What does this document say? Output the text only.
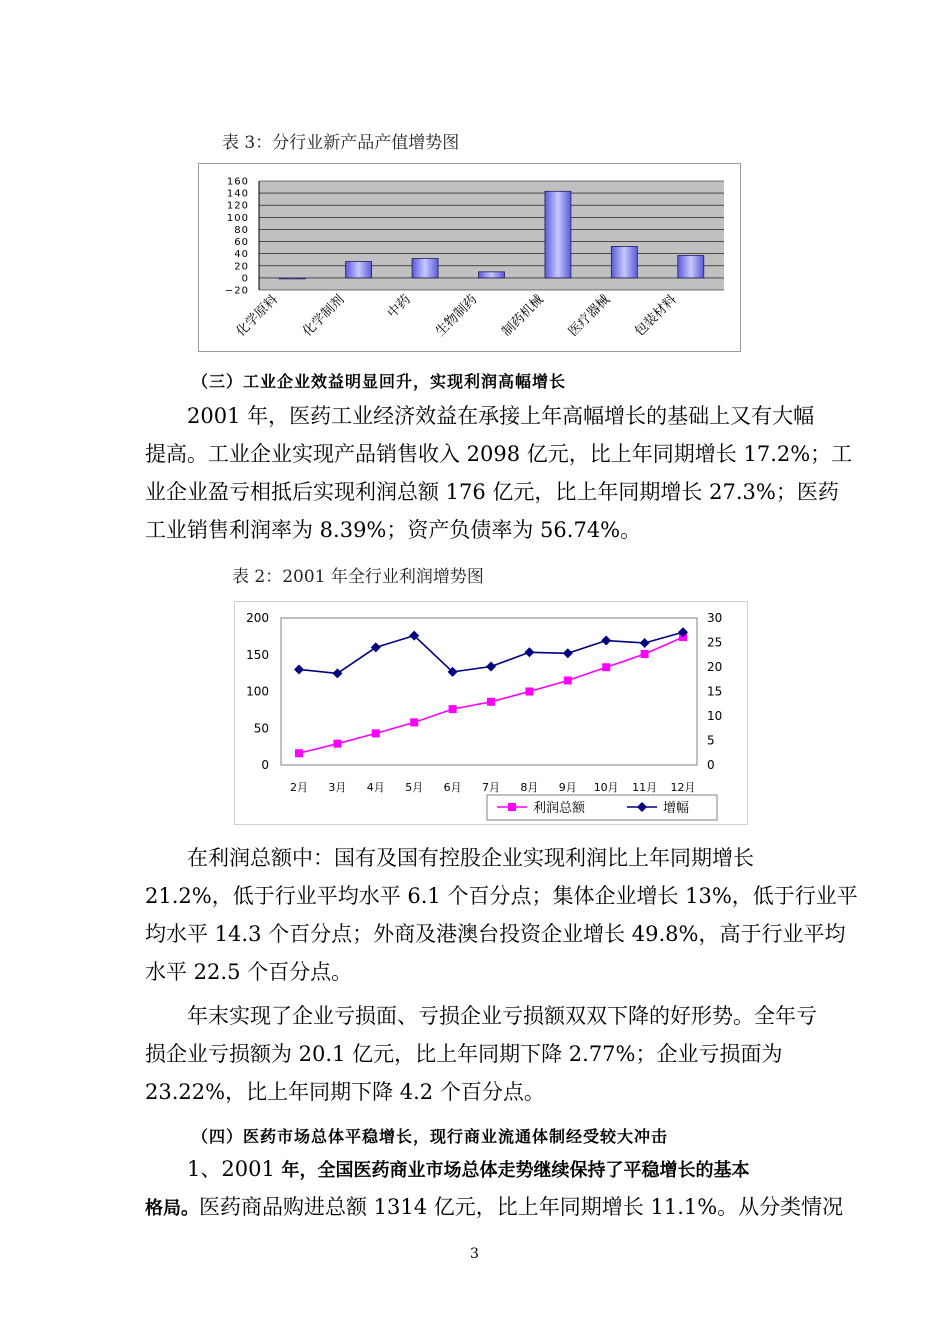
表 3：分行业新产品产值增势图
−20
0
20
40
60
80
100
120
140
160
化学原料 化学制剂	中药 生物制药 制药机械 医疗器械 包装材料
（三）工业企业效益明显回升，实现利润高幅增长
2001 年，医药工业经济效益在承接上年高幅增长的基础上又有大幅
提高。工业企业实现产品销售收入 2098 亿元，比上年同期增长 17.2%；工
业企业盈亏相抵后实现利润总额 176 亿元，比上年同期增长 27.3%；医药
工业销售利润率为 8.39%；资产负债率为 56.74%。
表 2：2001 年全行业利润增势图
0
50
100
150
200
0
5
10
15
20
25
30
2月 3月 4月 5月 6月 7月 8月 9月 10月 11月 12月
利润总额	增幅
在利润总额中：国有及国有控股企业实现利润比上年同期增长
21.2%，低于行业平均水平 6.1 个百分点；集体企业增长 13%，低于行业平
均水平 14.3 个百分点；外商及港澳台投资企业增长 49.8%，高于行业平均
水平 22.5 个百分点。
年末实现了企业亏损面、亏损企业亏损额双双下降的好形势。全年亏
损企业亏损额为 20.1 亿元，比上年同期下降 2.77%；企业亏损面为
23.22%，比上年同期下降 4.2 个百分点。
（四）医药市场总体平稳增长，现行商业流通体制经受较大冲击
1、2001 年，全国医药商业市场总体走势继续保持了平稳增长的基本
格局。医药商品购进总额 1314 亿元，比上年同期增长 11.1%。从分类情况
3
